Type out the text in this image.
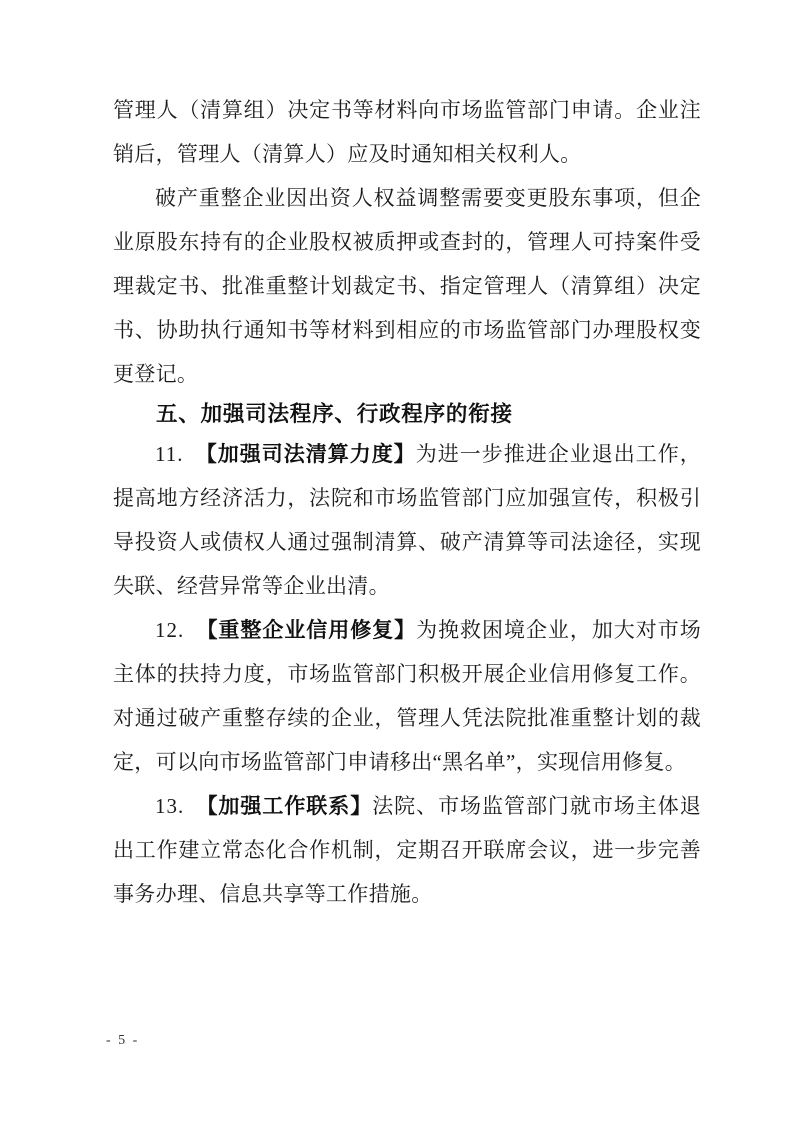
管理人（清算组）决定书等材料向市场监管部门申请。企业注销后，管理人（清算人）应及时通知相关权利人。

破产重整企业因出资人权益调整需要变更股东事项，但企业原股东持有的企业股权被质押或查封的，管理人可持案件受理裁定书、批准重整计划裁定书、指定管理人（清算组）决定书、协助执行通知书等材料到相应的市场监管部门办理股权变更登记。

五、加强司法程序、行政程序的衔接

11. 【加强司法清算力度】为进一步推进企业退出工作，提高地方经济活力，法院和市场监管部门应加强宣传，积极引导投资人或债权人通过强制清算、破产清算等司法途径，实现失联、经营异常等企业出清。

12. 【重整企业信用修复】为挽救困境企业，加大对市场主体的扶持力度，市场监管部门积极开展企业信用修复工作。对通过破产重整存续的企业，管理人凭法院批准重整计划的裁定，可以向市场监管部门申请移出“黑名单”，实现信用修复。

13. 【加强工作联系】法院、市场监管部门就市场主体退出工作建立常态化合作机制，定期召开联席会议，进一步完善事务办理、信息共享等工作措施。

- 5 -
